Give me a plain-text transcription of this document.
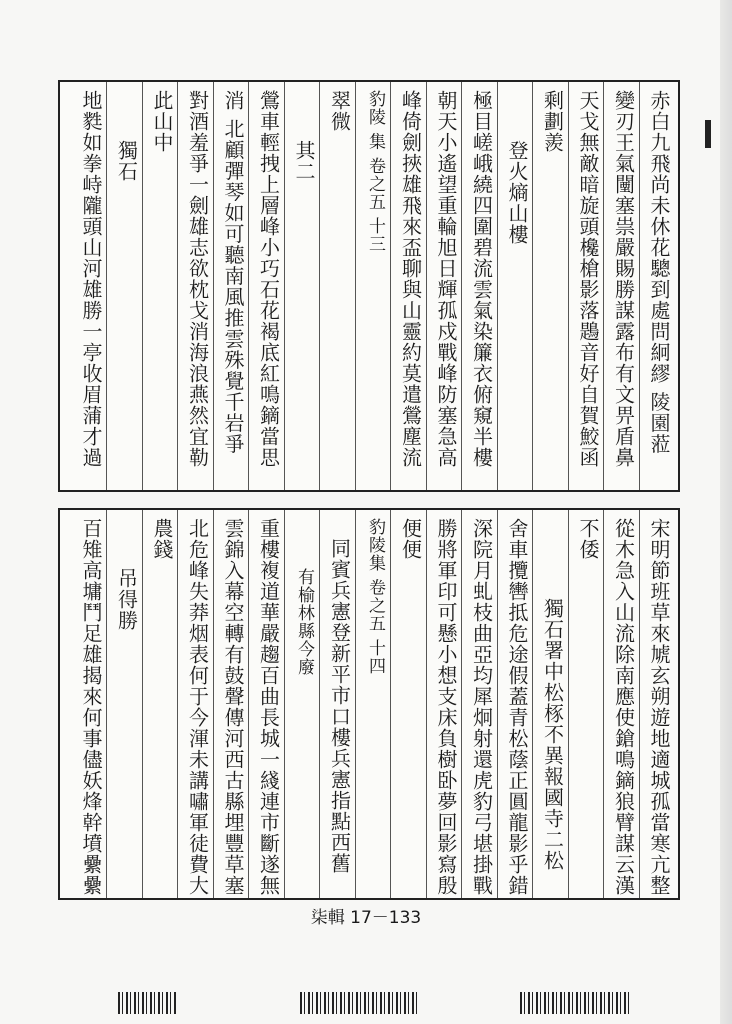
赤白九飛尚未休花驄到處問絅繆 陵園蒞
變刃王氣闉塞祟嚴賜勝謀露布有文畀盾鼻
天戈無敵暗旋頭欃槍影落鶗音好自賀鮫函
剩劃羨
登火熵山樓
極目嵯峨繞四圍碧流雲氣染簾衣俯窺半樓
朝天小遙望重輪旭日輝孤戍戰峰防塞急高
峰倚劍挾雄飛來盃聊與山靈約莫遣鶯塵流
豹陵 集 卷之五 十三
翠微
其二
鶯車輕拽上層峰小巧石花褐底紅鳴鏑當思
消 北顧彈琴如可聽南風推雲殊覺千岩爭
對酒羞爭一劍雄志欲枕戈消海浪燕然宜勒
此山中
獨石
地㽔如拳峙隴頭山河雄勝一亭收眉蒲才過
宋明節班草來虓玄朔遊地適城孤當寒亢整
從木急入山流除南應使鎗鳴鏑狼臂謀云漢
不倭
獨石署中松㭬不異報國寺二松
舍車攬轡抵危途假蓋青松蔭正圓龍影乎錯
深院月虬枝曲亞均犀炯射還虎豹弓堪掛戰
勝將軍印可懸小想支床負樹卧夢回影寫殷
便便
豹陵集 卷之五 十四
同賓兵憲登新平市口樓兵憲指點西舊
有榆林縣今廢
重樓複道華嚴趨百曲長城一綫連市斷遂無
雲錦入幕空轉有鼓聲傳河西古縣埋豐草塞
北危峰失莽烟表何于今渾未講嘯軍徒費大
農錢
吊得勝
百雉高墉鬥足雄揭來何事儘妖烽幹墳纍纍
柒輯 17－133
